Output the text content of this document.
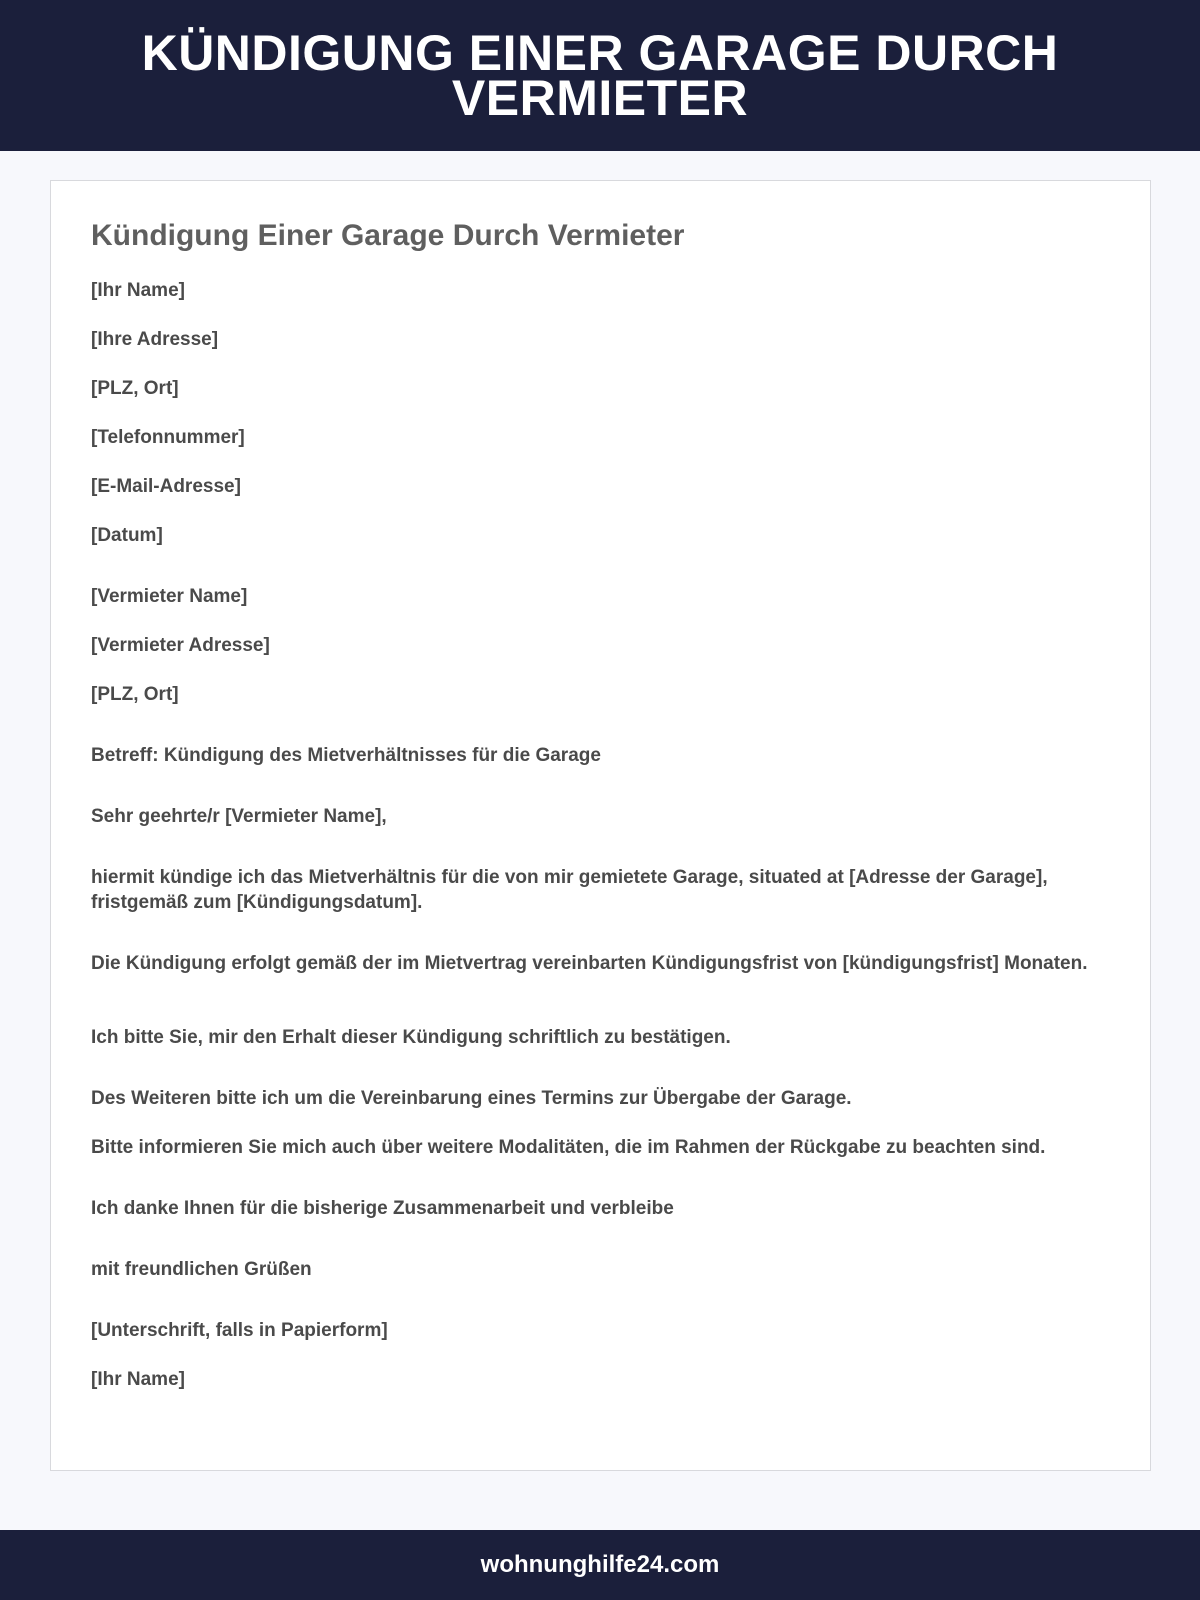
KÜNDIGUNG EINER GARAGE DURCH VERMIETER
Kündigung Einer Garage Durch Vermieter
[Ihr Name]
[Ihre Adresse]
[PLZ, Ort]
[Telefonnummer]
[E-Mail-Adresse]
[Datum]
[Vermieter Name]
[Vermieter Adresse]
[PLZ, Ort]
Betreff: Kündigung des Mietverhältnisses für die Garage
Sehr geehrte/r [Vermieter Name],
hiermit kündige ich das Mietverhältnis für die von mir gemietete Garage, situated at [Adresse der Garage], fristgemäß zum [Kündigungsdatum].
Die Kündigung erfolgt gemäß der im Mietvertrag vereinbarten Kündigungsfrist von [kündigungsfrist] Monaten.
Ich bitte Sie, mir den Erhalt dieser Kündigung schriftlich zu bestätigen.
Des Weiteren bitte ich um die Vereinbarung eines Termins zur Übergabe der Garage.
Bitte informieren Sie mich auch über weitere Modalitäten, die im Rahmen der Rückgabe zu beachten sind.
Ich danke Ihnen für die bisherige Zusammenarbeit und verbleibe
mit freundlichen Grüßen
[Unterschrift, falls in Papierform]
[Ihr Name]
wohnunghilfe24.com
